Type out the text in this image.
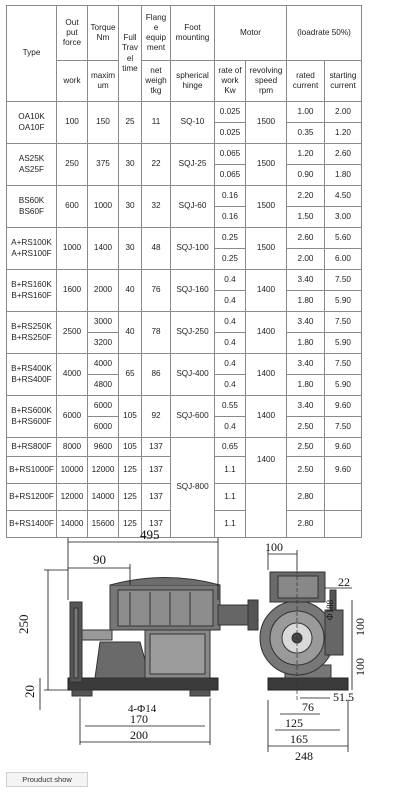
Type	Out
put
force	Torque
Nm	Full
Trav
el
time	Flang
e
equip
ment	Foot
mounting	Motor		(loadrate 50%)	

	work	maxim
um		net
weigh
tkg	spherical
hinge	rate of
work
Kw	revolving
speed
rpm	rated
current	starting
current

OA10K
OA10F	100	150	25	11	SQ-10	0.025	1500	1.00	2.00

						0.025		0.35	1.20

AS25K
AS25F	250	375	30	22	SQJ-25	0.065	1500	1.20	2.60

						0.065		0.90	1.80

BS60K
BS60F	600	1000	30	32	SQJ-60	0.16	1500	2.20	4.50

						0.16		1.50	3.00

A+RS100K
A+RS100F	1000	1400	30	48	SQJ-100	0.25	1500	2.60	5.60

						0.25		2.00	6.00

B+RS160K
B+RS160F	1600	2000	40	76	SQJ-160	0.4	1400	3.40	7.50

						0.4		1.80	5.90

B+RS250K
B+RS250F	2500	3000	40	78	SQJ-250	0.4	1400	3.40	7.50

		3200				0.4		1.80	5.90

B+RS400K
B+RS400F	4000	4000	65	86	SQJ-400	0.4	1400	3.40	7.50

		4800				0.4		1.80	5.90

B+RS600K
B+RS600F	6000	6000	105	92	SQJ-600	0.55	1400	3.40	9.60

		6000				0.4		2.50	7.50

B+RS800F	8000	9600	105	137	SQJ-800	0.65	1400	2.50	9.60

B+RS1000F	10000	12000	125	137		1.1		2.50	9.60

B+RS1200F	12000	14000	125	137		1.1		2.80	

B+RS1400F	14000	15600	125	137		1.1		2.80	

495
90
250
20
4-Φ14
170
200
100
22
Φ188
100
100
76
51.5
125
165
248
Prouduct show
